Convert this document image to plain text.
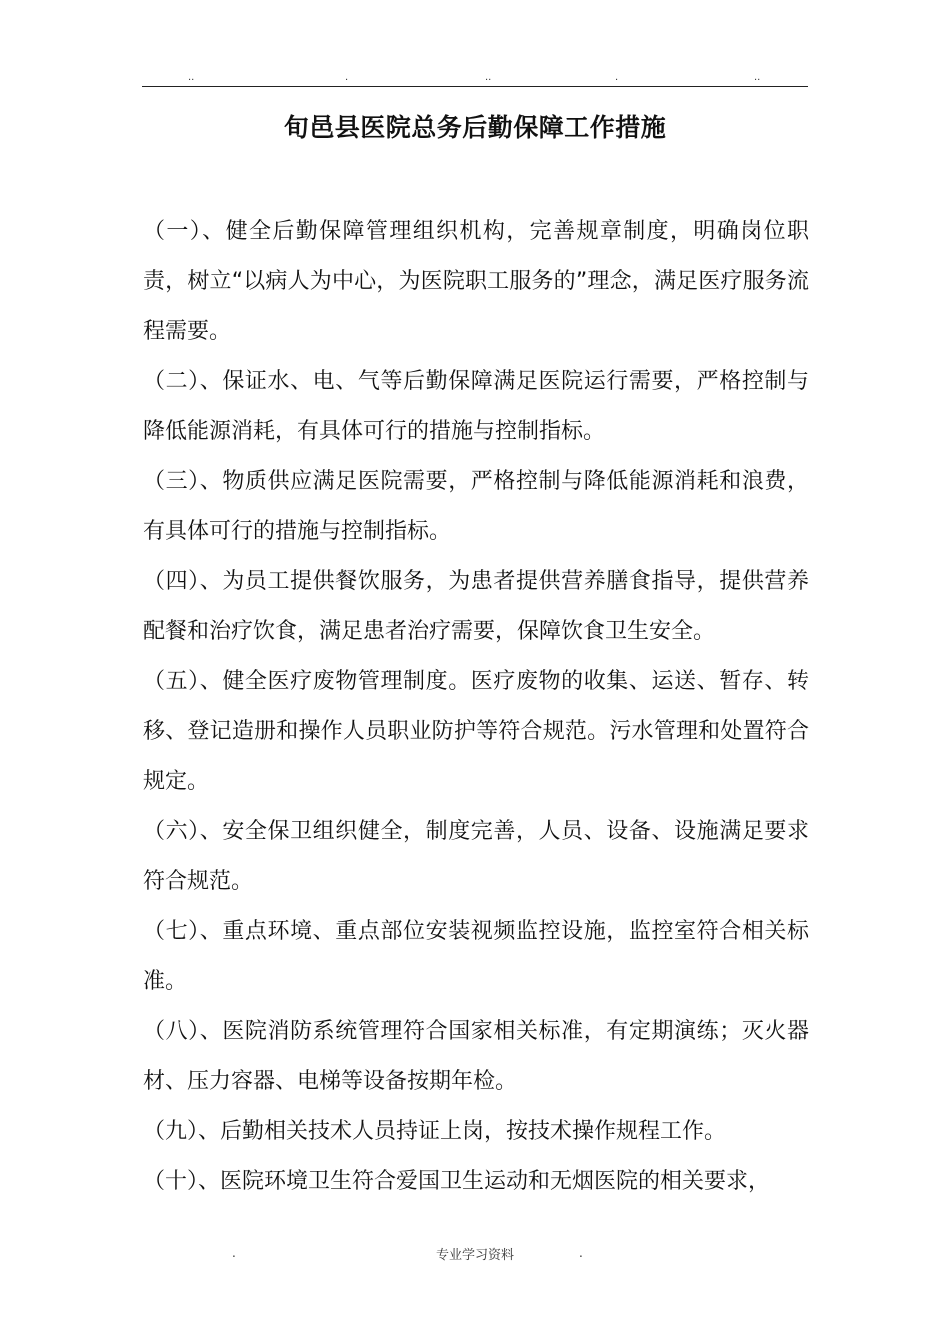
..	.	..	.	..
旬邑县医院总务后勤保障工作措施

（一）、健全后勤保障管理组织机构，完善规章制度，明确岗位职责，树立“以病人为中心，为医院职工服务的”理念，满足医疗服务流程需要。

（二）、保证水、电、气等后勤保障满足医院运行需要，严格控制与降低能源消耗，有具体可行的措施与控制指标。

（三）、物质供应满足医院需要，严格控制与降低能源消耗和浪费，有具体可行的措施与控制指标。

（四）、为员工提供餐饮服务，为患者提供营养膳食指导，提供营养配餐和治疗饮食，满足患者治疗需要，保障饮食卫生安全。

（五）、健全医疗废物管理制度。医疗废物的收集、运送、暂存、转移、登记造册和操作人员职业防护等符合规范。污水管理和处置符合规定。

（六）、安全保卫组织健全，制度完善，人员、设备、设施满足要求符合规范。

（七）、重点环境、重点部位安装视频监控设施，监控室符合相关标准。

（八）、医院消防系统管理符合国家相关标准，有定期演练；灭火器材、压力容器、电梯等设备按期年检。

（九）、后勤相关技术人员持证上岗，按技术操作规程工作。

（十）、医院环境卫生符合爱国卫生运动和无烟医院的相关要求，

.	专业学习资料	.
